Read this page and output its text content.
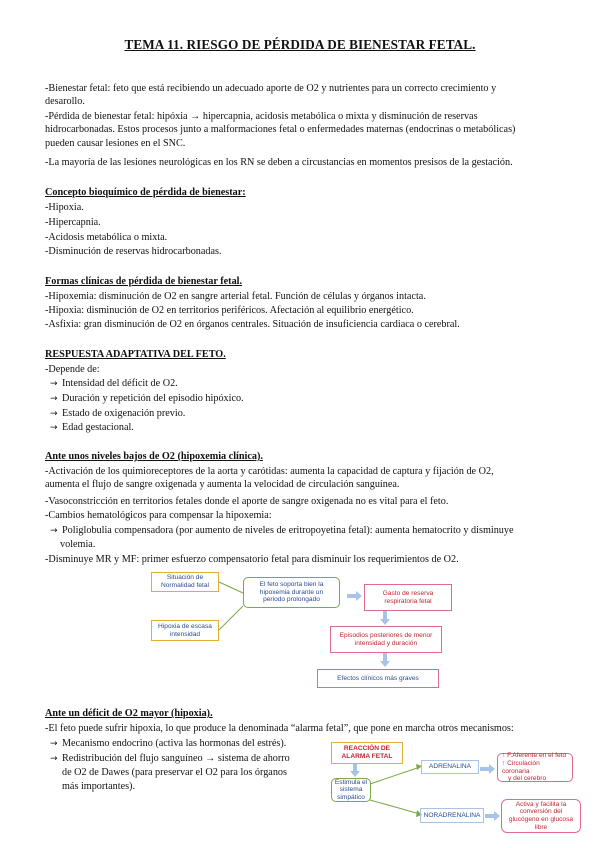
TEMA 11. RIESGO DE PÉRDIDA DE BIENESTAR FETAL.
-Bienestar fetal: feto que está recibiendo un adecuado aporte de O2 y nutrientes para un correcto crecimiento y
desarollo.
-Pérdida de bienestar fetal: hipóxia → hipercapnia, acidosis metabólica o mixta y disminución de reservas
hidrocarbonadas. Estos procesos junto a malformaciones fetal o enfermedades maternas (endocrinas o metabólicas)
pueden causar lesiones en el SNC.
-La mayoría de las lesiones neurológicas en los RN se deben a circustancias en momentos presisos de la gestación.
Concepto bioquímico de pérdida de bienestar:
-Hipoxia.
-Hipercapnia.
-Acidosis metabólica o mixta.
-Disminución de reservas hidrocarbonadas.
Formas clínicas de pérdida de bienestar fetal.
-Hipoxemia: disminución de O2 en sangre arterial fetal. Función de células y órganos intacta.
-Hipoxia: disminución de O2 en territorios periféricos. Afectación al equilibrio energético.
-Asfixia: gran disminución de O2 en órganos centrales. Situación de insuficiencia cardiaca o cerebral.
RESPUESTA ADAPTATIVA DEL FETO.
-Depende de:
→ Intensidad del déficit de O2.
→ Duración y repetición del episodio hipóxico.
→ Estado de oxigenación previo.
→ Edad gestacional.
Ante unos niveles bajos de O2 (hipoxemia clínica).
-Activación de los quimioreceptores de la aorta y carótidas: aumenta la capacidad de captura y fijación de O2,
aumenta el flujo de sangre oxigenada y aumenta la velocidad de circulación sanguínea.
-Vasoconstricción en territorios fetales donde el aporte de sangre oxigenada no es vital para el feto.
-Cambios hematológicos para compensar la hipoxemia:
→ Poliglobulia compensadora (por aumento de niveles de eritropoyetina fetal): aumenta hematocrito y disminuye
volemia.
-Disminuye MR y MF: primer esfuerzo compensatorio fetal para disminuir los requerimientos de O2.
Situación de Normalidad fetal
Hipoxia de escasa intensidad
El feto soporta bien la hipoxemia durante un periodo prolongado
Gasto de reserva respiratoria fetal
Episodios posteriores de menor intensidad y duración
Efectos clínicos más graves
Ante un déficit de O2 mayor (hipoxia).
-El feto puede sufrir hipoxia, lo que produce la denominada “alarma fetal”, que pone en marcha otros mecanismos:
→ Mecanismo endocrino (activa las hormonas del estrés).
→ Redistribución del flujo sanguíneo → sistema de ahorro
de O2 de Dawes (para preservar el O2 para los órganos
más importantes).
REACCIÓN DE ALARMA FETAL
Estimula el sistema simpático
ADRENALINA
NORADRENALINA
↑ F.Aferente en el feto
↑ Circulación coronaria
y del cerebro
Activa y facilita la conversión del glucógeno en glucosa libre
